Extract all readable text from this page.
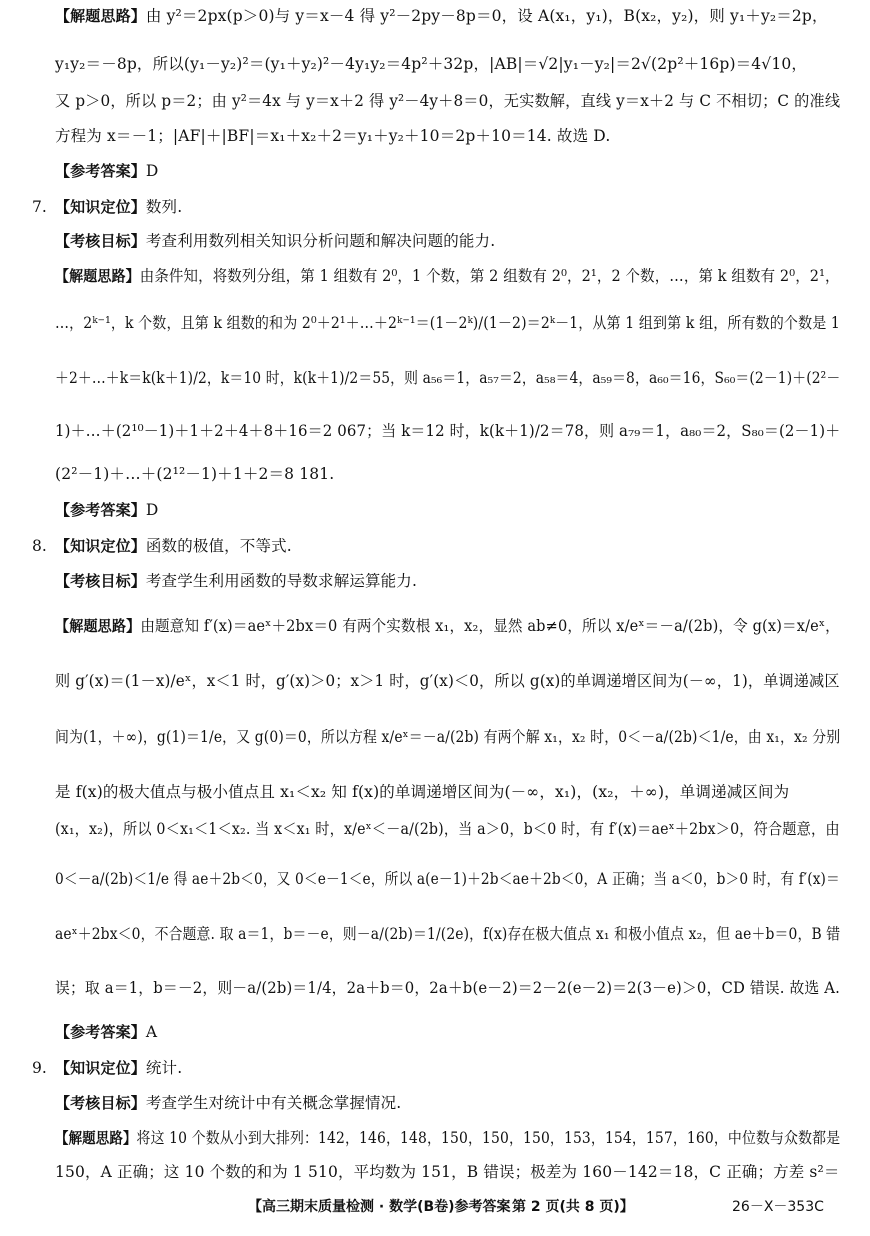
【解题思路】由 y²＝2px(p＞0)与 y＝x－4 得 y²－2py－8p＝0，设 A(x₁，y₁)，B(x₂，y₂)，则 y₁＋y₂＝2p，
y₁y₂＝－8p，所以(y₁－y₂)²＝(y₁＋y₂)²－4y₁y₂＝4p²＋32p，|AB|＝√2|y₁－y₂|＝2√(2p²＋16p)＝4√10，
又 p＞0，所以 p＝2；由 y²＝4x 与 y＝x＋2 得 y²－4y＋8＝0，无实数解，直线 y＝x＋2 与 C 不相切；C 的准线
方程为 x＝－1；|AF|＋|BF|＝x₁＋x₂＋2＝y₁＋y₂＋10＝2p＋10＝14. 故选 D.
【参考答案】D
7. 【知识定位】数列.
【考核目标】考查利用数列相关知识分析问题和解决问题的能力.
【解题思路】由条件知，将数列分组，第 1 组数有 2⁰，1 个数，第 2 组数有 2⁰，2¹，2 个数，…，第 k 组数有 2⁰，2¹，
…，2ᵏ⁻¹，k 个数，且第 k 组数的和为 2⁰＋2¹＋…＋2ᵏ⁻¹＝(1－2ᵏ)/(1－2)＝2ᵏ－1，从第 1 组到第 k 组，所有数的个数是 1
＋2＋…＋k＝k(k＋1)/2，k＝10 时，k(k＋1)/2＝55，则 a₅₆＝1，a₅₇＝2，a₅₈＝4，a₅₉＝8，a₆₀＝16，S₆₀＝(2－1)＋(2²－
1)＋…＋(2¹⁰－1)＋1＋2＋4＋8＋16＝2 067；当 k＝12 时，k(k＋1)/2＝78，则 a₇₉＝1，a₈₀＝2，S₈₀＝(2－1)＋
(2²－1)＋…＋(2¹²－1)＋1＋2＝8 181.
【参考答案】D
8. 【知识定位】函数的极值，不等式.
【考核目标】考查学生利用函数的导数求解运算能力.
【解题思路】由题意知 f′(x)＝aeˣ＋2bx＝0 有两个实数根 x₁，x₂，显然 ab≠0，所以 x/eˣ＝－a/(2b)，令 g(x)＝x/eˣ，
则 g′(x)＝(1－x)/eˣ，x＜1 时，g′(x)＞0；x＞1 时，g′(x)＜0，所以 g(x)的单调递增区间为(－∞，1)，单调递减区
间为(1，＋∞)，g(1)＝1/e，又 g(0)＝0，所以方程 x/eˣ＝－a/(2b) 有两个解 x₁，x₂ 时，0＜－a/(2b)＜1/e，由 x₁，x₂ 分别
是 f(x)的极大值点与极小值点且 x₁＜x₂ 知 f(x)的单调递增区间为(－∞，x₁)，(x₂，＋∞)，单调递减区间为
(x₁，x₂)，所以 0＜x₁＜1＜x₂. 当 x＜x₁ 时，x/eˣ＜－a/(2b)，当 a＞0，b＜0 时，有 f′(x)＝aeˣ＋2bx＞0，符合题意，由
0＜－a/(2b)＜1/e 得 ae＋2b＜0，又 0＜e－1＜e，所以 a(e－1)＋2b＜ae＋2b＜0，A 正确；当 a＜0，b＞0 时，有 f′(x)＝
aeˣ＋2bx＜0，不合题意. 取 a＝1，b＝－e，则－a/(2b)＝1/(2e)，f(x)存在极大值点 x₁ 和极小值点 x₂，但 ae＋b＝0，B 错
误；取 a＝1，b＝－2，则－a/(2b)＝1/4，2a＋b＝0，2a＋b(e－2)＝2－2(e－2)＝2(3－e)＞0，CD 错误. 故选 A.
【参考答案】A
9. 【知识定位】统计.
【考核目标】考查学生对统计中有关概念掌握情况.
【解题思路】将这 10 个数从小到大排列：142，146，148，150，150，150，153，154，157，160，中位数与众数都是
150，A 正确；这 10 个数的和为 1 510，平均数为 151，B 错误；极差为 160－142＝18，C 正确；方差 s²＝
【高三期末质量检测 · 数学(B卷)参考答案 第 2 页(共 8 页)】	26－X－353C
